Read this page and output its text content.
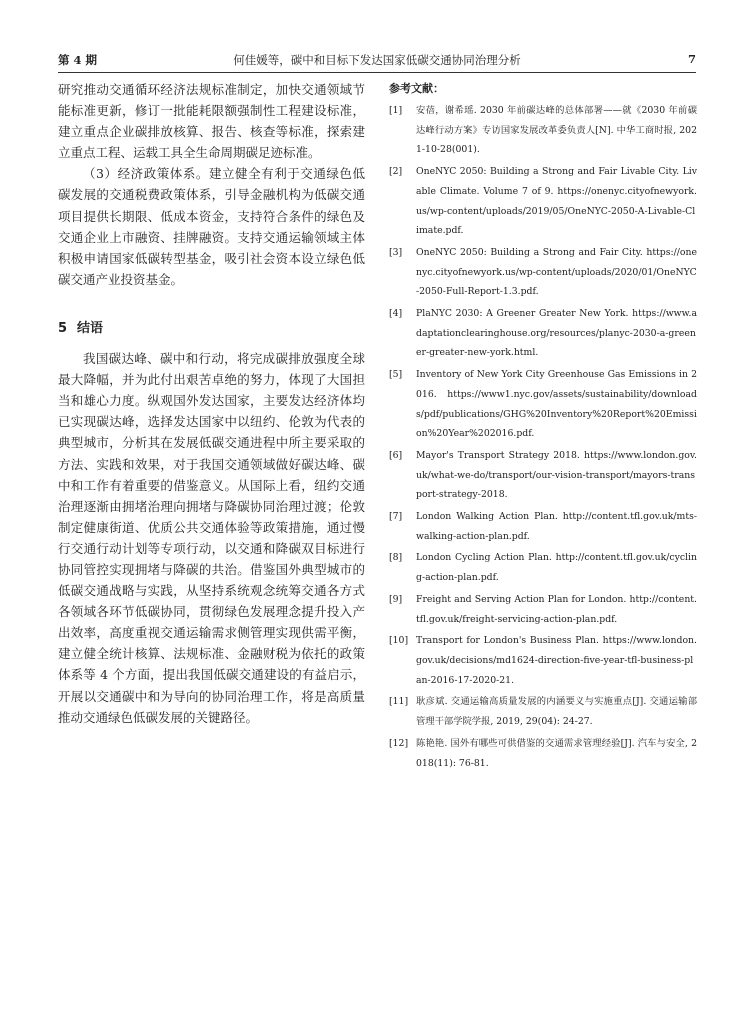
第 4 期	何佳媛等，碳中和目标下发达国家低碳交通协同治理分析	7

研究推动交通循环经济法规标准制定，加快交通领域节能标准更新，修订一批能耗限额强制性工程建设标准，建立重点企业碳排放核算、报告、核查等标准，探索建立重点工程、运载工具全生命周期碳足迹标准。

（3）经济政策体系。建立健全有利于交通绿色低碳发展的交通税费政策体系，引导金融机构为低碳交通项目提供长期限、低成本资金，支持符合条件的绿色及交通企业上市融资、挂牌融资。支持交通运输领域主体积极申请国家低碳转型基金，吸引社会资本设立绿色低碳交通产业投资基金。

5 结语

我国碳达峰、碳中和行动，将完成碳排放强度全球最大降幅，并为此付出艰苦卓绝的努力，体现了大国担当和雄心力度。纵观国外发达国家，主要发达经济体均已实现碳达峰，选择发达国家中以纽约、伦敦为代表的典型城市，分析其在发展低碳交通进程中所主要采取的方法、实践和效果，对于我国交通领域做好碳达峰、碳中和工作有着重要的借鉴意义。从国际上看，纽约交通治理逐渐由拥堵治理向拥堵与降碳协同治理过渡；伦敦制定健康街道、优质公共交通体验等政策措施，通过慢行交通行动计划等专项行动，以交通和降碳双目标进行协同管控实现拥堵与降碳的共治。借鉴国外典型城市的低碳交通战略与实践，从坚持系统观念统筹交通各方式各领域各环节低碳协同，贯彻绿色发展理念提升投入产出效率，高度重视交通运输需求侧管理实现供需平衡，建立健全统计核算、法规标准、金融财税为依托的政策体系等 4 个方面，提出我国低碳交通建设的有益启示，开展以交通碳中和为导向的协同治理工作，将是高质量推动交通绿色低碳发展的关键路径。

参考文献：
[1] 安蓓，谢希瑶. 2030 年前碳达峰的总体部署——就《2030 年前碳达峰行动方案》专访国家发展改革委负责人[N]. 中华工商时报, 2021-10-28(001).
[2] OneNYC 2050: Building a Strong and Fair Livable City. Livable Climate. Volume 7 of 9. https://onenyc.cityofnewyork.us/wp-content/uploads/2019/05/OneNYC-2050-A-Livable-Climate.pdf.
[3] OneNYC 2050: Building a Strong and Fair City. https://onenyc.cityofnewyork.us/wp-content/uploads/2020/01/OneNYC-2050-Full-Report-1.3.pdf.
[4] PlaNYC 2030: A Greener Greater New York. https://www.adaptationclearinghouse.org/resources/planyc-2030-a-greener-greater-new-york.html.
[5] Inventory of New York City Greenhouse Gas Emissions in 2016. https://www1.nyc.gov/assets/sustainability/downloads/pdf/publications/GHG%20Inventory%20Report%20Emission%20Year%202016.pdf.
[6] Mayor's Transport Strategy 2018. https://www.london.gov.uk/what-we-do/transport/our-vision-transport/mayors-transport-strategy-2018.
[7] London Walking Action Plan. http://content.tfl.gov.uk/mts-walking-action-plan.pdf.
[8] London Cycling Action Plan. http://content.tfl.gov.uk/cycling-action-plan.pdf.
[9] Freight and Serving Action Plan for London. http://content.tfl.gov.uk/freight-servicing-action-plan.pdf.
[10] Transport for London's Business Plan. https://www.london.gov.uk/decisions/md1624-direction-five-year-tfl-business-plan-2016-17-2020-21.
[11] 耿彦斌. 交通运输高质量发展的内涵要义与实施重点[J]. 交通运输部管理干部学院学报, 2019, 29(04): 24-27.
[12] 陈艳艳. 国外有哪些可供借鉴的交通需求管理经验[J]. 汽车与安全, 2018(11): 76-81.
